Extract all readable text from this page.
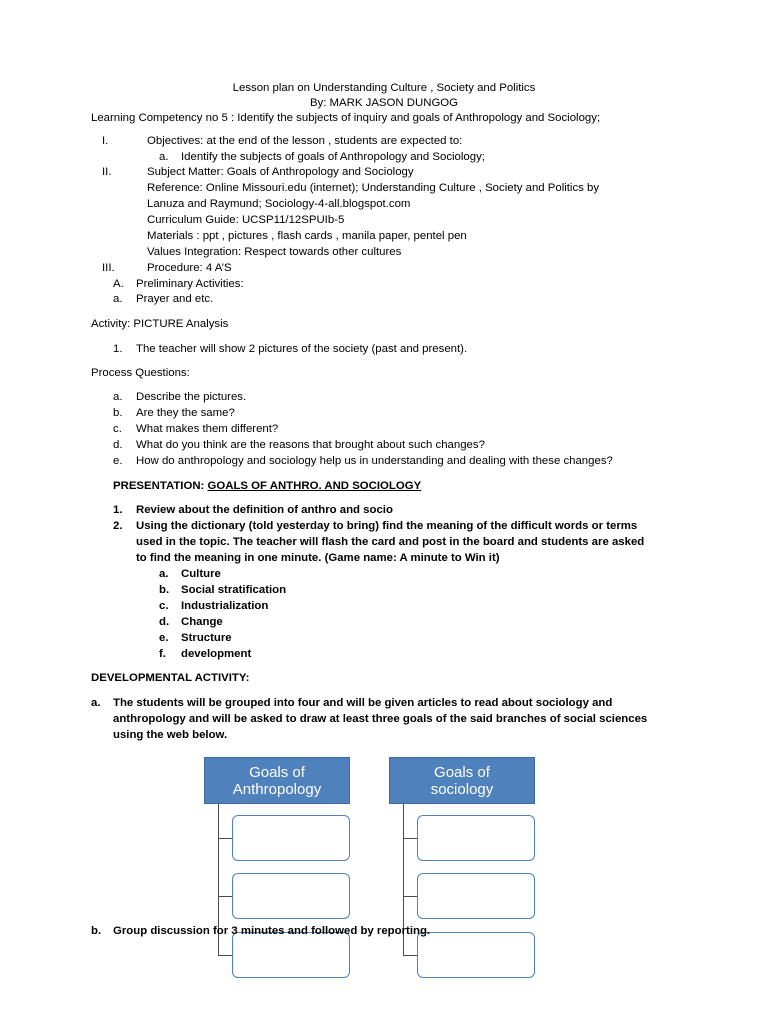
Lesson plan on Understanding Culture , Society and Politics
By: MARK JASON DUNGOG
Learning Competency no 5 : Identify the subjects of inquiry and goals of Anthropology and Sociology;
I.	Objectives: at the end of the lesson , students are expected to:
a. Identify the subjects of goals of Anthropology and Sociology;
II.	Subject Matter: Goals of Anthropology and Sociology
Reference: Online Missouri.edu (internet); Understanding Culture , Society and Politics by
Lanuza and Raymund; Sociology-4-all.blogspot.com
Curriculum Guide: UCSP11/12SPUIb-5
Materials : ppt , pictures , flash cards , manila paper, pentel pen
Values Integration: Respect towards other cultures
III.	Procedure: 4 A’S
A. Preliminary Activities:
a. Prayer and etc.
Activity: PICTURE Analysis
1. The teacher will show 2 pictures of the society (past and present).
Process Questions:
a. Describe the pictures.
b. Are they the same?
c. What makes them different?
d. What do you think are the reasons that brought about such changes?
e. How do anthropology and sociology help us in understanding and dealing with these changes?
PRESENTATION: GOALS OF ANTHRO. AND SOCIOLOGY
1. Review about the definition of anthro and socio
2. Using the dictionary (told yesterday to bring) find the meaning of the difficult words or terms
used in the topic. The teacher will flash the card and post in the board and students are asked
to find the meaning in one minute. (Game name: A minute to Win it)
a. Culture
b. Social stratification
c. Industrialization
d. Change
e. Structure
f. development
DEVELOPMENTAL ACTIVITY:
a. The students will be grouped into four and will be given articles to read about sociology and
anthropology and will be asked to draw at least three goals of the said branches of social sciences
using the web below.
Goals of
Anthropology
Goals of
sociology
b. Group discussion for 3 minutes and followed by reporting.
